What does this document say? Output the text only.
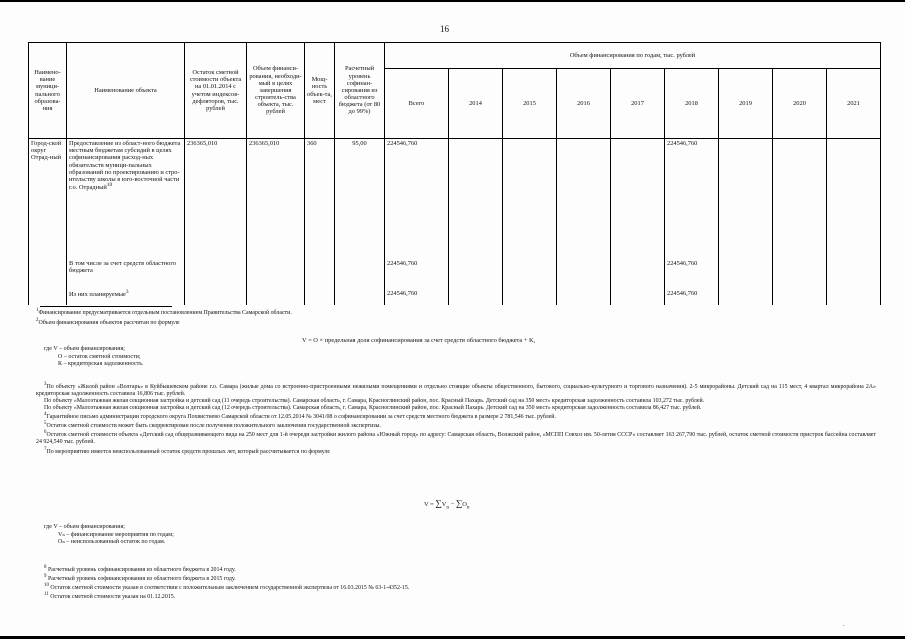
16
Наимено-вание муници-пального образова-ния	Наименование объекта	Остаток сметной стоимости объекта на 01.01.2014 с учетом индексов-дефляторов, тыс. рублей	Объем финанси-рования, необходи-мый в целях завершения строитель-ства объекта, тыс. рублей	Мощ-ность объек-та, мест	Расчетный уровень софинан-сирования из областного бюджета (от 80 до 99%)	Объем финансирования по годам, тыс. рублей								
						Всего	2014	2015	2016	2017	2018	2019	2020	2021
Город-ской округ Отрад-ный	Предоставление из област-ного бюджета местным бюджетам субсидий в целях софинансирования расход-ных обязательств муници-пальных образований по проектированию и стро-ительству школы в юго-восточной части г.о. Отрадный$^{10}$	236365,010	236365,010	360	95,00	224546,760					224546,760			
	В том числе за счет средств областного бюджета					224546,760					224546,760			
	Из них планируемые$^3$					224546,760					224546,760			
$^1$Финансирование предусматривается отдельным постановлением Правительства Самарской области.
$^2$Объем финансирования объектов рассчитан по формуле
V = O × предельная доля софинансирования за счет средств областного бюджета + K,
где V – объем финансирования;
О – остаток сметной стоимости;
К – кредиторская задолженность.
$^3$По объекту «Жилой район «Волгарь» в Куйбышевском районе г.о. Самара (жилые дома со встроенно-пристроенными нежилыми помещениями и отдельно стоящие объекты общественного, бытового, социально-культурного и торгового назначения). 2-5 микрорайоны. Детский сад на 115 мест, 4 квартал микрорайона 2А» кредиторская задолженность составила 16,806 тыс. рублей.
По объекту «Малоэтажная жилая секционная застройка и детский сад (11 очередь строительства). Самарская область, г. Самара, Красноглинский район, пос. Красный Пахарь. Детский сад на 350 мест» кредиторская задолженность составила 103,272 тыс. рублей.
По объекту «Малоэтажная жилая секционная застройка и детский сад (12 очередь строительства). Самарская область, г. Самара, Красноглинский район, пос. Красный Пахарь. Детский сад на 350 мест» кредиторская задолженность составила 86,427 тыс. рублей.
$^4$Гарантийное письмо администрации городского округа Похвистнево Самарской области от 12.05.2014 № 3041/08 о софинансировании за счет средств местного бюджета в размере 2 781,546 тыс. рублей.
$^5$Остаток сметной стоимости может быть скорректирован после получения положительного заключения государственной экспертизы.
$^6$Остаток сметной стоимости объекта «Детский сад общеразвивающего вида на 250 мест для 1-й очереди застройки жилого района «Южный город» по адресу: Самарская область, Волжский район, «МСПП Совхоз им. 50-летия СССР» составляет 163 267,790 тыс. рублей, остаток сметной стоимости пристрок бассейна составляет 24 924,540 тыс. рублей.
$^7$По мероприятию имеется неиспользованный остаток средств прошлых лет, который рассчитывается по формуле
$V = \sum V_n - \sum O_n$
где V – объем финансирования;
Vₙ – финансирование мероприятия по годам;
Оₙ – неиспользованный остаток по годам.
$^8$ Расчетный уровень софинансирования из областного бюджета в 2014 году.
$^9$ Расчетный уровень софинансирования из областного бюджета в 2015 году.
$^{10}$ Остаток сметной стоимости указан в соответствии с положительным заключением государственной экспертизы от 16.03.2015 № 63-1-4352-15.
$^{11}$ Остаток сметной стоимости указан на 01.12.2015.
.
